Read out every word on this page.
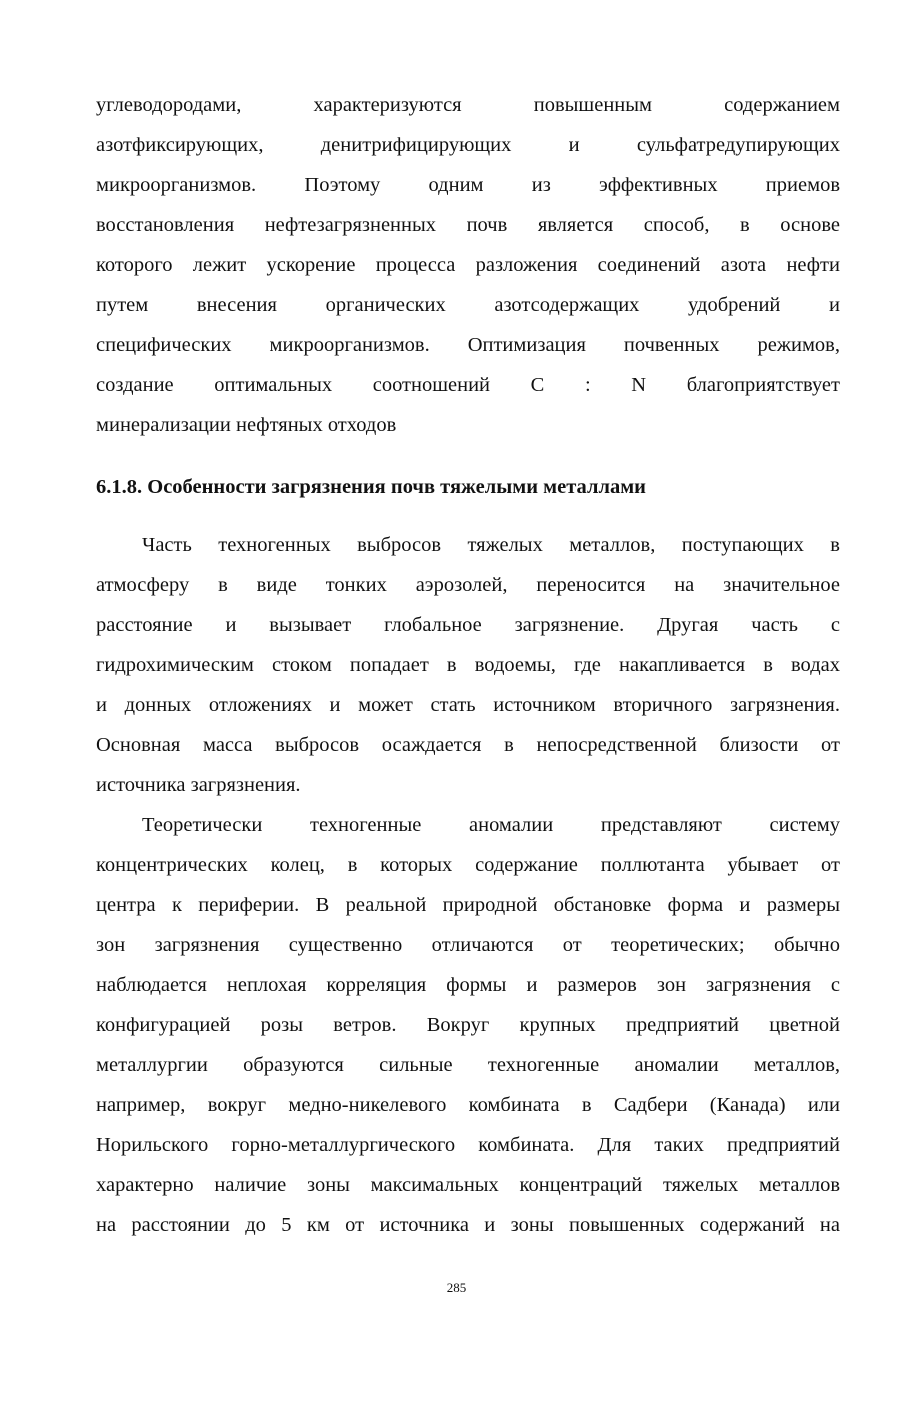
углеводородами, характеризуются повышенным содержанием
азотфиксирующих, денитрифицирующих и сульфатредупирующих
микроорганизмов. Поэтому одним из эффективных приемов
восстановления нефтезагрязненных почв является способ, в основе
которого лежит ускорение процесса разложения соединений азота нефти
путем внесения органических азотсодержащих удобрений и
специфических микроорганизмов. Оптимизация почвенных режимов,
создание оптимальных соотношений С : N благоприятствует
минерализации нефтяных отходов
6.1.8. Особенности загрязнения почв тяжелыми металлами
Часть техногенных выбросов тяжелых металлов, поступающих в
атмосферу в виде тонких аэрозолей, переносится на значительное
расстояние и вызывает глобальное загрязнение. Другая часть с
гидрохимическим стоком попадает в водоемы, где накапливается в водах
и донных отложениях и может стать источником вторичного загрязнения.
Основная масса выбросов осаждается в непосредственной близости от
источника загрязнения.
Теоретически техногенные аномалии представляют систему
концентрических колец, в которых содержание поллютанта убывает от
центра к периферии. В реальной природной обстановке форма и размеры
зон загрязнения существенно отличаются от теоретических; обычно
наблюдается неплохая корреляция формы и размеров зон загрязнения с
конфигурацией розы ветров. Вокруг крупных предприятий цветной
металлургии образуются сильные техногенные аномалии металлов,
например, вокруг медно-никелевого комбината в Садбери (Канада) или
Норильского горно-металлургического комбината. Для таких предприятий
характерно наличие зоны максимальных концентраций тяжелых металлов
на расстоянии до 5 км от источника и зоны повышенных содержаний на
285
